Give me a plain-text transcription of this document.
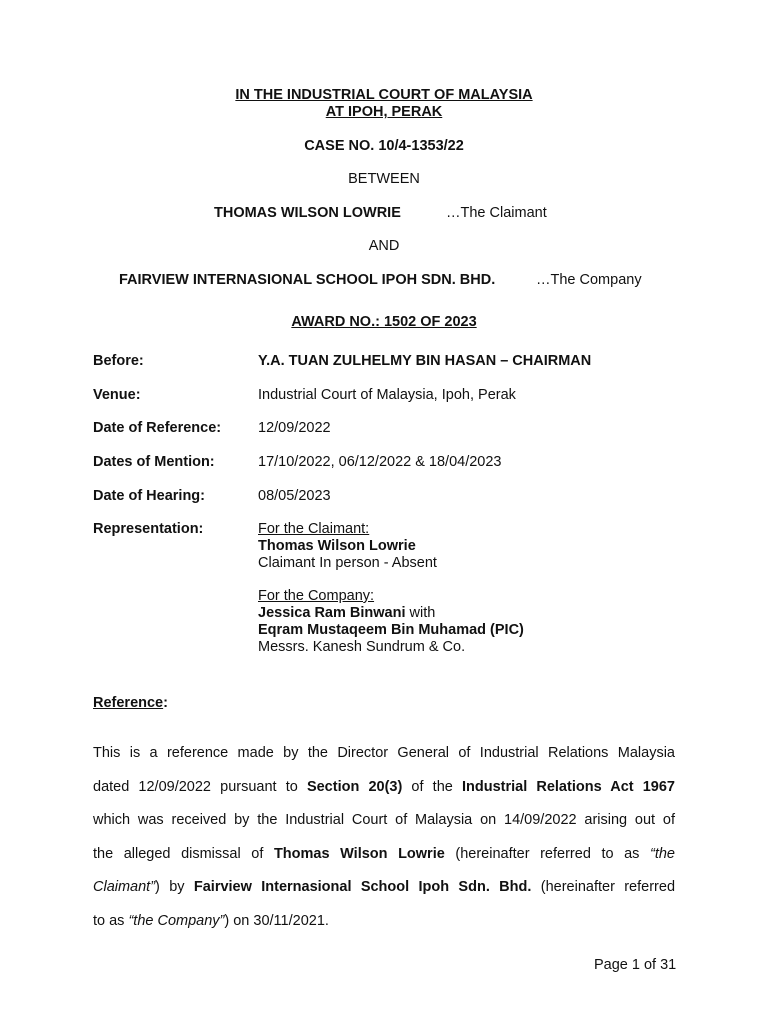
IN THE INDUSTRIAL COURT OF MALAYSIA
AT IPOH, PERAK
CASE NO. 10/4-1353/22
BETWEEN
THOMAS WILSON LOWRIE	…The Claimant
AND
FAIRVIEW INTERNASIONAL SCHOOL IPOH SDN. BHD.	…The Company
AWARD NO.: 1502 OF 2023
Before:	Y.A. TUAN ZULHELMY BIN HASAN – CHAIRMAN
Venue:	Industrial Court of Malaysia, Ipoh, Perak
Date of Reference:	12/09/2022
Dates of Mention:	17/10/2022, 06/12/2022 & 18/04/2023
Date of Hearing:	08/05/2023
Representation:	For the Claimant:
Thomas Wilson Lowrie
Claimant In person - Absent
For the Company:
Jessica Ram Binwani with
Eqram Mustaqeem Bin Muhamad (PIC)
Messrs. Kanesh Sundrum & Co.
Reference:
This is a reference made by the Director General of Industrial Relations Malaysia
dated 12/09/2022 pursuant to Section 20(3) of the Industrial Relations Act 1967
which was received by the Industrial Court of Malaysia on 14/09/2022 arising out of
the alleged dismissal of Thomas Wilson Lowrie (hereinafter referred to as “the
Claimant”) by Fairview Internasional School Ipoh Sdn. Bhd. (hereinafter referred
to as “the Company”) on 30/11/2021.
Page 1 of 31
